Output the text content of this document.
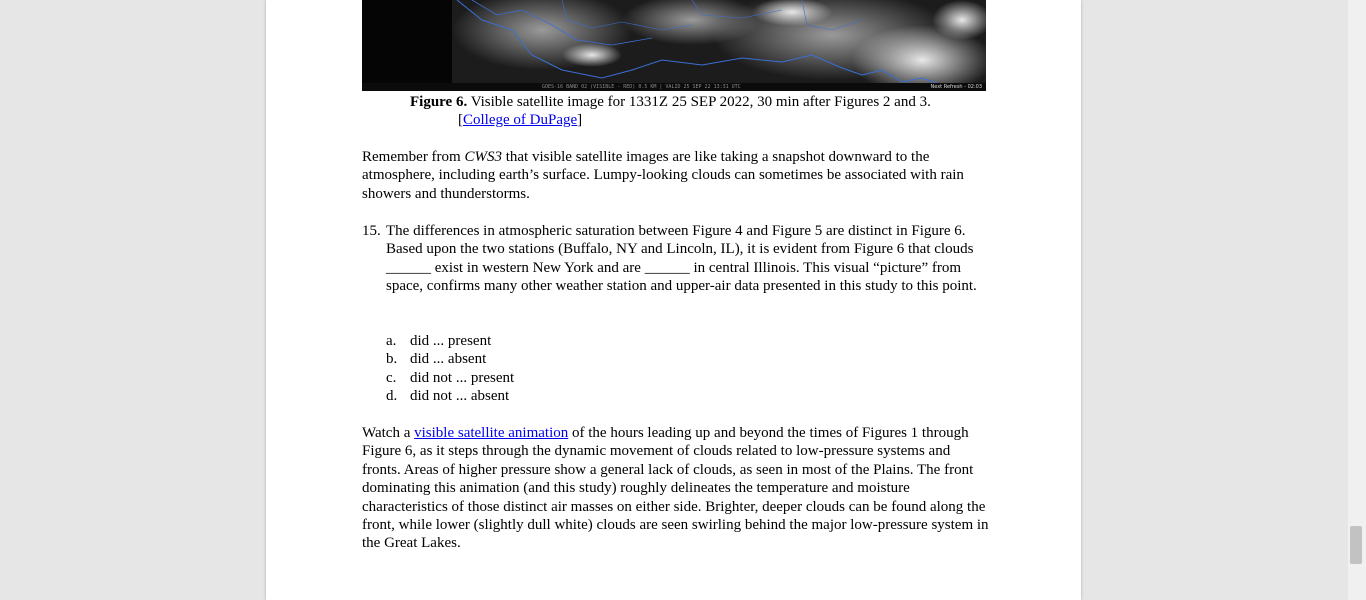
GOES-16 BAND 02 (VISIBLE - RED) 0.5 KM | VALID 25 SEP 22 13:31 UTC	Next Refresh - 02:03
Figure 6. Visible satellite image for 1331Z 25 SEP 2022, 30 min after Figures 2 and 3.
[College of DuPage]
Remember from CWS3 that visible satellite images are like taking a snapshot downward to the atmosphere, including earth’s surface. Lumpy-looking clouds can sometimes be associated with rain showers and thunderstorms.
15. The differences in atmospheric saturation between Figure 4 and Figure 5 are distinct in Figure 6. Based upon the two stations (Buffalo, NY and Lincoln, IL), it is evident from Figure 6 that clouds ______ exist in western New York and are ______ in central Illinois. This visual “picture” from space, confirms many other weather station and upper-air data presented in this study to this point.
a. did ... present
b. did ... absent
c. did not ... present
d. did not ... absent
Watch a visible satellite animation of the hours leading up and beyond the times of Figures 1 through Figure 6, as it steps through the dynamic movement of clouds related to low-pressure systems and fronts. Areas of higher pressure show a general lack of clouds, as seen in most of the Plains. The front dominating this animation (and this study) roughly delineates the temperature and moisture characteristics of those distinct air masses on either side. Brighter, deeper clouds can be found along the front, while lower (slightly dull white) clouds are seen swirling behind the major low-pressure system in the Great Lakes.
